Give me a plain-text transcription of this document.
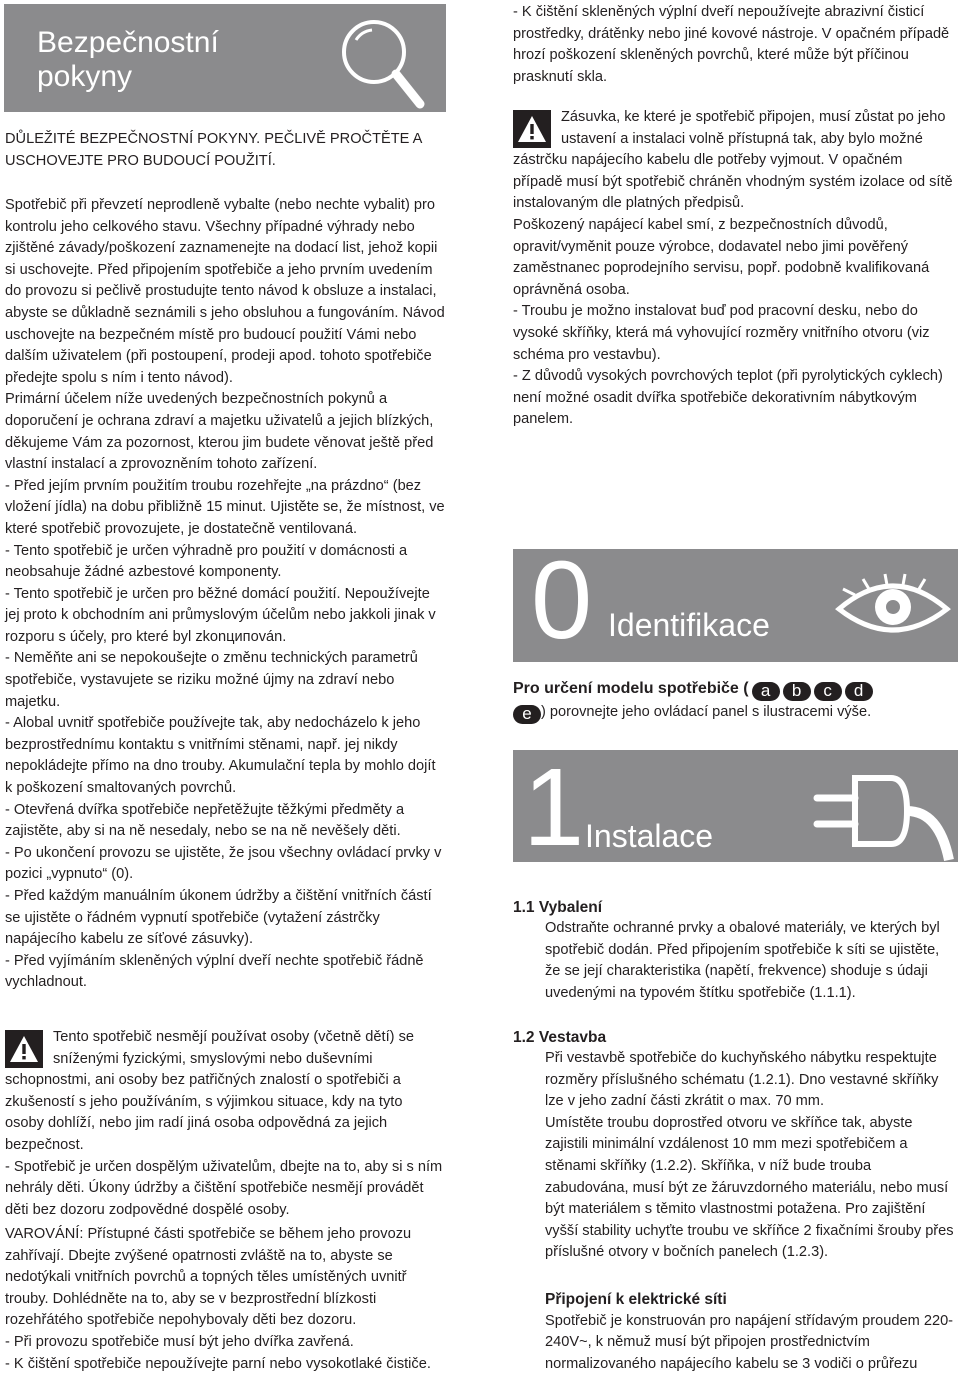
Bezpečnostní
pokyny
DŮLEŽITÉ BEZPEČNOSTNÍ POKYNY. PEČLIVĚ PROČTĚTE A USCHOVEJTE PRO BUDOUCÍ POUŽITÍ.

Spotřebič při převzetí neprodleně vybalte (nebo nechte vybalit) pro kontrolu jeho celkového stavu. Všechny případné výhrady nebo zjištěné závady/poškození zaznamenejte na dodací list, jehož kopii si uschovejte. Před připojením spotřebiče a jeho prvním uvedením do provozu si pečlivě prostudujte tento návod k obsluze a instalaci, abyste se důkladně seznámili s jeho obsluhou a fungováním. Návod uschovejte na bezpečném místě pro budoucí použití Vámi nebo dalším uživatelem (při postoupení, prodeji apod. tohoto spotřebiče předejte spolu s ním i tento návod).

Primární účelem níže uvedených bezpečnostních pokynů a doporučení je ochrana zdraví a majetku uživatelů a jejich blízkých, děkujeme Vám za pozornost, kterou jim budete věnovat ještě před vlastní instalací a zprovozněním tohoto zařízení.

- Před jejím prvním použitím troubu rozehřejte „na prázdno“ (bez vložení jídla) na dobu přibližně 15 minut. Ujistěte se, že místnost, ve které spotřebič provozujete, je dostatečně ventilovaná.

- Tento spotřebič je určen výhradně pro použití v domácnosti a neobsahuje žádné azbestové komponenty.

- Tento spotřebič je určen pro běžné domácí použití. Nepoužívejte jej proto k obchodním ani průmyslovým účelům nebo jakkoli jinak v rozporu s účely, pro které byl zkonципován.

- Neměňte ani se nepokoušejte o změnu technických parametrů spotřebiče, vystavujete se riziku možné újmy na zdraví nebo majetku.

- Alobal uvnitř spotřebiče používejte tak, aby nedocházelo k jeho bezprostřednímu kontaktu s vnitřními stěnami, např. jej nikdy nepokládejte přímo na dno trouby. Akumulační tepla by mohlo dojít k poškození smaltovaných povrchů.

- Otevřená dvířka spotřebiče nepřetěžujte těžkými předměty a zajistěte, aby si na ně nesedaly, nebo se na ně nevěšely děti.

- Po ukončení provozu se ujistěte, že jsou všechny ovládací prvky v pozici „vypnuto“ (0).

- Před každým manuálním úkonem údržby a čištění vnitřních částí se ujistěte o řádném vypnutí spotřebiče (vytažení zástrčky napájecího kabelu ze síťové zásuvky).

- Před vyjímáním skleněných výplní dveří nechte spotřebič řádně vychladnout.

Tento spotřebič nesmějí používat osoby (včetně dětí) se sníženými fyzickými, smyslovými nebo duševními schopnostmi, ani osoby bez patřičných znalostí o spotřebiči a zkušeností s jeho používáním, s výjimkou situace, kdy na tyto osoby dohlíží, nebo jim radí jiná osoba odpovědná za jejich bezpečnost.

- Spotřebič je určen dospělým uživatelům, dbejte na to, aby si s ním nehrály děti. Úkony údržby a čištění spotřebiče nesmějí provádět děti bez dozoru zodpovědné dospělé osoby.

VAROVÁNÍ: Přístupné části spotřebiče se během jeho provozu zahřívají. Dbejte zvýšené opatrnosti zvláště na to, abyste se nedotýkali vnitřních povrchů a topných těles umístěných uvnitř trouby. Dohlédněte na to, aby se v bezprostřední blízkosti rozehřátého spotřebiče nepohybovaly děti bez dozoru.

- Při provozu spotřebiče musí být jeho dvířka zavřená.

- K čištění spotřebiče nepoužívejte parní nebo vysokotlaké čističe.

- K čištění skleněných výplní dveří nepoužívejte abrazivní čisticí prostředky, drátěnky nebo jiné kovové nástroje. V opačném případě hrozí poškození skleněných povrchů, které může být příčinou prasknutí skla.

Zásuvka, ke které je spotřebič připojen, musí zůstat po jeho ustavení a instalaci volně přístupná tak, aby bylo možné zástrčku napájecího kabelu dle potřeby vyjmout. V opačném případě musí být spotřebič chráněn vhodným systém izolace od sítě instalovaným dle platných předpisů.

Poškozený napájecí kabel smí, z bezpečnostních důvodů, opravit/vyměnit pouze výrobce, dodavatel nebo jimi pověřený zaměstnanec poprodejního servisu, popř. podobně kvalifikovaná oprávněná osoba.

- Troubu je možno instalovat buď pod pracovní desku, nebo do vysoké skříňky, která má vyhovující rozměry vnitřního otvoru (viz schéma pro vestavbu).

- Z důvodů vysokých povrchových teplot (při pyrolytických cyklech) není možné osadit dvířka spotřebiče dekorativním nábytkovým panelem.

0 Identifikace
Pro určení modelu spotřebiče ( a b c d
e ) porovnejte jeho ovládací panel s ilustracemi výše.
1 Instalace

1.1 Vybalení

Odstraňte ochranné prvky a obalové materiály, ve kterých byl spotřebič dodán. Před připojením spotřebiče k síti se ujistěte, že se její charakteristika (napětí, frekvence) shoduje s údaji uvedenými na typovém štítku spotřebiče (1.1.1).

1.2 Vestavba

Při vestavbě spotřebiče do kuchyňského nábytku respektujte rozměry příslušného schématu (1.2.1). Dno vestavné skříňky lze v jeho zadní části zkrátit o max. 70 mm.

Umístěte troubu doprostřed otvoru ve skříňce tak, abyste zajistili minimální vzdálenost 10 mm mezi spotřebičem a stěnami skříňky (1.2.2). Skříňka, v níž bude trouba zabudována, musí být ze žáruvzdorného materiálu, nebo musí být materiálem s těmito vlastnostmi potažena. Pro zajištění vyšší stability uchyťte troubu ve skříňce 2 fixačními šrouby přes příslušné otvory v bočních panelech (1.2.3).

Připojení k elektrické síti

Spotřebič je konstruován pro napájení střídavým proudem 220-240V~, k němuž musí být připojen prostřednictvím normalizovaného napájecího kabelu se 3 vodiči o průřezu
